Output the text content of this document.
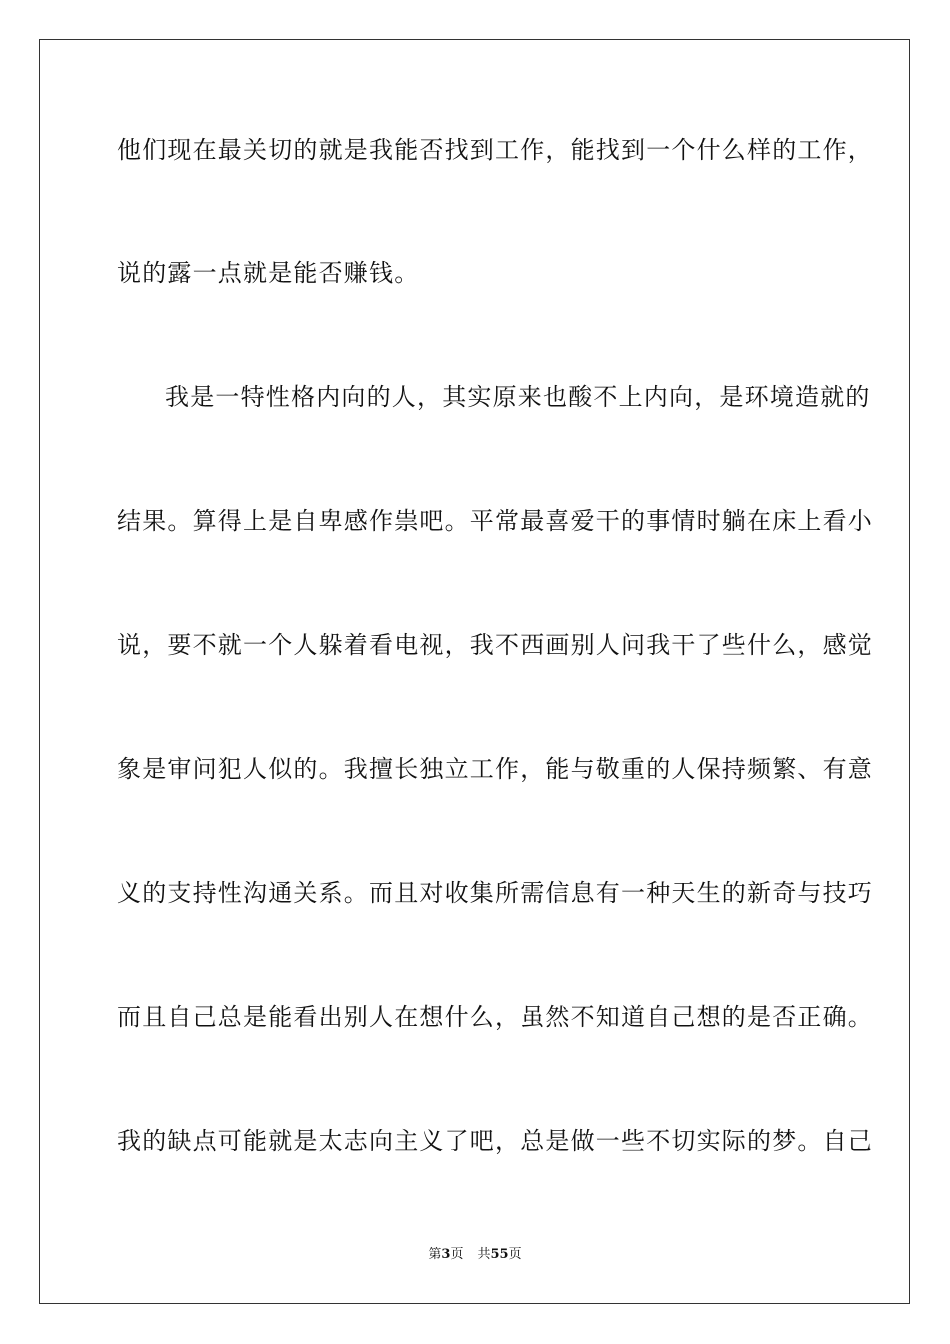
他们现在最关切的就是我能否找到工作，能找到一个什么样的工作，
说的露一点就是能否赚钱。
我是一特性格内向的人，其实原来也酸不上内向，是环境造就的
结果。算得上是自卑感作祟吧。平常最喜爱干的事情时躺在床上看小
说，要不就一个人躲着看电视，我不西画别人问我干了些什么，感觉
象是审问犯人似的。我擅长独立工作，能与敬重的人保持频繁、有意
义的支持性沟通关系。而且对收集所需信息有一种天生的新奇与技巧
而且自己总是能看出别人在想什么，虽然不知道自己想的是否正确。
我的缺点可能就是太志向主义了吧，总是做一些不切实际的梦。自己
第3页 共55页
